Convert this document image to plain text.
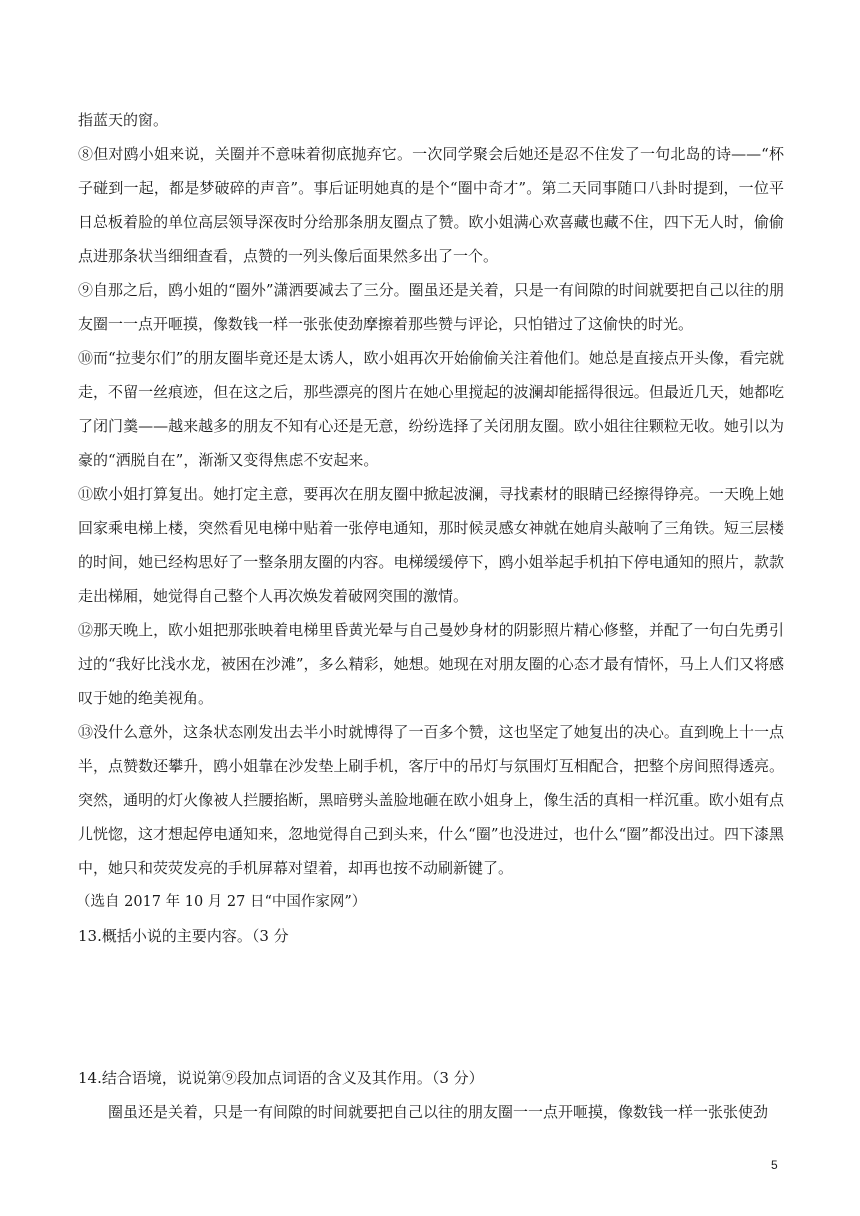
指蓝天的窗。

⑧但对鸥小姐来说，关圈并不意味着彻底抛弃它。一次同学聚会后她还是忍不住发了一句北岛的诗——“杯子碰到一起，都是梦破碎的声音”。事后证明她真的是个“圈中奇才”。第二天同事随口八卦时提到，一位平日总板着脸的单位高层领导深夜时分给那条朋友圈点了赞。欧小姐满心欢喜藏也藏不住，四下无人时，偷偷点进那条状当细细查看，点赞的一列头像后面果然多出了一个。

⑨自那之后，鸥小姐的“圈外”潇洒要减去了三分。圈虽还是关着，只是一有间隙的时间就要把自己以往的朋友圈一一点开咂摸，像数钱一样一张张使劲摩擦着那些赞与评论，只怕错过了这偷快的时光。

⑩而“拉斐尔们”的朋友圈毕竟还是太诱人，欧小姐再次开始偷偷关注着他们。她总是直接点开头像，看完就走，不留一丝痕迹，但在这之后，那些漂亮的图片在她心里搅起的波澜却能摇得很远。但最近几天，她都吃了闭门羹——越来越多的朋友不知有心还是无意，纷纷选择了关闭朋友圈。欧小姐往往颗粒无收。她引以为豪的“洒脱自在”，渐渐又变得焦虑不安起来。

⑪欧小姐打算复出。她打定主意，要再次在朋友圈中掀起波澜，寻找素材的眼睛已经擦得铮亮。一天晚上她回家乘电梯上楼，突然看见电梯中贴着一张停电通知，那时候灵感女神就在她肩头敲响了三角铁。短三层楼的时间，她已经构思好了一整条朋友圈的内容。电梯缓缓停下，鸥小姐举起手机拍下停电通知的照片，款款走出梯厢，她觉得自己整个人再次焕发着破网突围的激情。

⑫那天晚上，欧小姐把那张映着电梯里昏黄光晕与自己曼妙身材的阴影照片精心修整，并配了一句白先勇引过的“我好比浅水龙，被困在沙滩”，多么精彩，她想。她现在对朋友圈的心态才最有情怀，马上人们又将感叹于她的绝美视角。

⑬没什么意外，这条状态刚发出去半小时就博得了一百多个赞，这也坚定了她复出的决心。直到晚上十一点半，点赞数还攀升，鸥小姐靠在沙发垫上刷手机，客厅中的吊灯与氛围灯互相配合，把整个房间照得透亮。突然，通明的灯火像被人拦腰掐断，黑暗劈头盖脸地砸在欧小姐身上，像生活的真相一样沉重。欧小姐有点儿恍惚，这才想起停电通知来，忽地觉得自己到头来，什么“圈”也没进过，也什么“圈”都没出过。四下漆黑中，她只和荧荧发亮的手机屏幕对望着，却再也按不动刷新键了。

（选自 2017 年 10 月 27 日“中国作家网”）

13.概括小说的主要内容。（3 分

14.结合语境，说说第⑨段加点词语的含义及其作用。（3 分）

圈虽还是关着，只是一有间隙的时间就要把自己以往的朋友圈一一点开咂摸，像数钱一样一张张使劲

5
